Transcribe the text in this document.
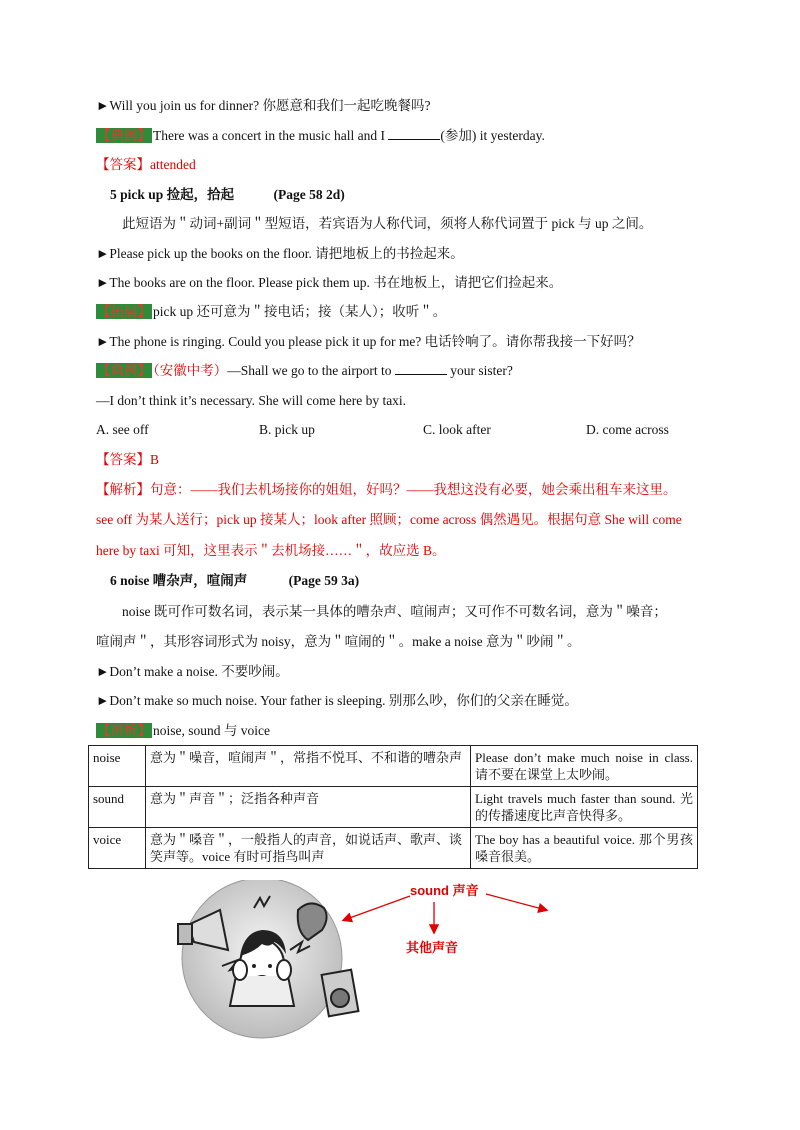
►Will you join us for dinner? 你愿意和我们一起吃晚餐吗?
【典例】 There was a concert in the music hall and I	(参加) it yesterday.
【答案】attended
5 pick up 捡起，拾起	(Page 58 2d)
此短语为＂动词+副词＂型短语，若宾语为人称代词，须将人称代词置于 pick 与 up 之间。
►Please pick up the books on the floor. 请把地板上的书捡起来。
►The books are on the floor. Please pick them up. 书在地板上，请把它们捡起来。
【拓展】 pick up 还可意为＂接电话；接（某人）；收听＂。
►The phone is ringing. Could you please pick it up for me? 电话铃响了。请你帮我接一下好吗？
【典例】 （安徽中考）—Shall we go to the airport to	your sister?
—I don’t think it’s necessary. She will come here by taxi.
A. see off	B. pick up	C. look after	D. come across
【答案】B
【解析】句意：——我们去机场接你的姐姐，好吗？——我想这没有必要，她会乘出租车来这里。
see off 为某人送行；pick up 接某人；look after 照顾；come across 偶然遇见。根据句意 She will come
here by taxi 可知，这里表示＂去机场接……＂，故应选 B。
6 noise 嘈杂声，喧闹声	(Page 59 3a)
noise 既可作可数名词，表示某一具体的嘈杂声、喧闹声；又可作不可数名词，意为＂噪音；
喧闹声＂，其形容词形式为 noisy，意为＂喧闹的＂。make a noise 意为＂吵闹＂。
►Don’t make a noise. 不要吵闹。
►Don’t make so much noise. Your father is sleeping. 别那么吵，你们的父亲在睡觉。
【辨析】 noise, sound 与 voice
noise	意为＂噪音，喧闹声＂，常指不悦耳、不和谐的嘈杂声	Please don’t make much noise in class. 请不要在课堂上太吵闹。
sound	意为＂声音＂；泛指各种声音	Light travels much faster than sound. 光的传播速度比声音快得多。
voice	意为＂嗓音＂，一般指人的声音，如说话声、歌声、谈笑声等。voice 有时可指鸟叫声	The boy has a beautiful voice. 那个男孩嗓音很美。
sound 声音
其他声音
